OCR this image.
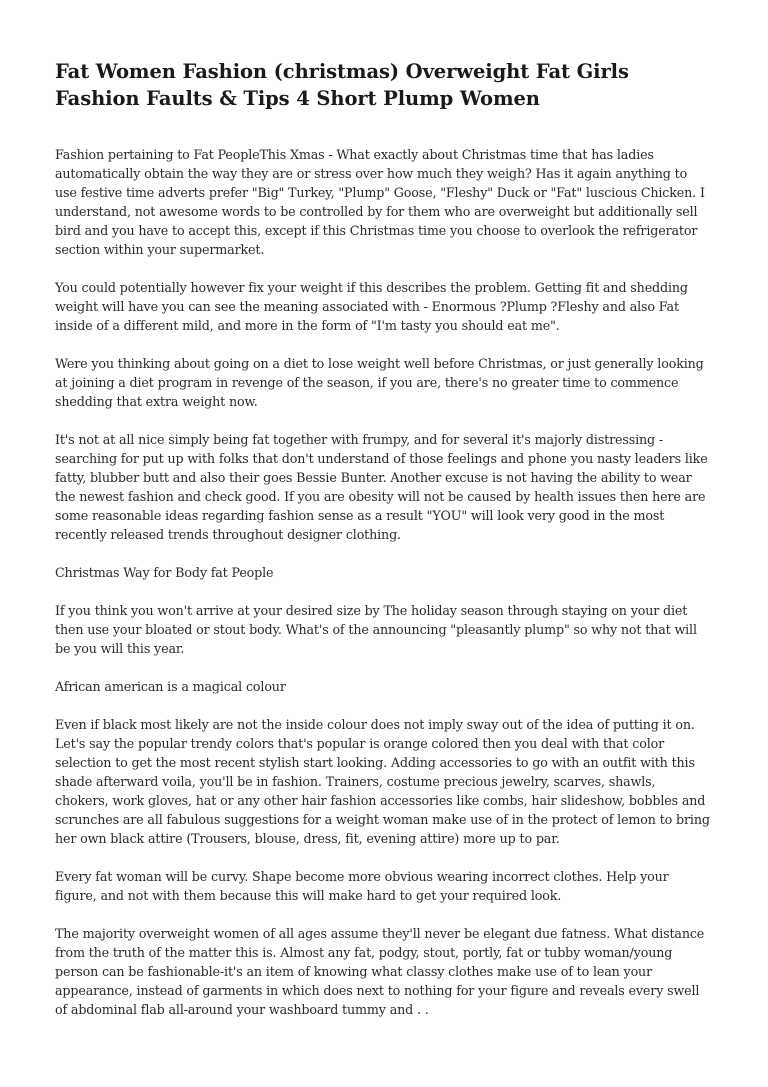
Fat Women Fashion (christmas) Overweight Fat Girls Fashion Faults & Tips 4 Short Plump Women

Fashion pertaining to Fat PeopleThis Xmas - What exactly about Christmas time that has ladies automatically obtain the way they are or stress over how much they weigh? Has it again anything to use festive time adverts prefer "Big" Turkey, "Plump" Goose, "Fleshy" Duck or "Fat" luscious Chicken. I understand, not awesome words to be controlled by for them who are overweight but additionally sell bird and you have to accept this, except if this Christmas time you choose to overlook the refrigerator section within your supermarket.

You could potentially however fix your weight if this describes the problem. Getting fit and shedding weight will have you can see the meaning associated with - Enormous ?Plump ?Fleshy and also Fat inside of a different mild, and more in the form of "I'm tasty you should eat me".

Were you thinking about going on a diet to lose weight well before Christmas, or just generally looking at joining a diet program in revenge of the season, if you are, there's no greater time to commence shedding that extra weight now.

It's not at all nice simply being fat together with frumpy, and for several it's majorly distressing - searching for put up with folks that don't understand of those feelings and phone you nasty leaders like fatty, blubber butt and also their goes Bessie Bunter. Another excuse is not having the ability to wear the newest fashion and check good. If you are obesity will not be caused by health issues then here are some reasonable ideas regarding fashion sense as a result "YOU" will look very good in the most recently released trends throughout designer clothing.

Christmas Way for Body fat People

If you think you won't arrive at your desired size by The holiday season through staying on your diet then use your bloated or stout body. What's of the announcing "pleasantly plump" so why not that will be you will this year.

African american is a magical colour

Even if black most likely are not the inside colour does not imply sway out of the idea of putting it on. Let's say the popular trendy colors that's popular is orange colored then you deal with that color selection to get the most recent stylish start looking. Adding accessories to go with an outfit with this shade afterward voila, you'll be in fashion. Trainers, costume precious jewelry, scarves, shawls, chokers, work gloves, hat or any other hair fashion accessories like combs, hair slideshow, bobbles and scrunches are all fabulous suggestions for a weight woman make use of in the protect of lemon to bring her own black attire (Trousers, blouse, dress, fit, evening attire) more up to par.

Every fat woman will be curvy. Shape become more obvious wearing incorrect clothes. Help your figure, and not with them because this will make hard to get your required look.

The majority overweight women of all ages assume they'll never be elegant due fatness. What distance from the truth of the matter this is. Almost any fat, podgy, stout, portly, fat or tubby woman/young person can be fashionable-it's an item of knowing what classy clothes make use of to lean your appearance, instead of garments in which does next to nothing for your figure and reveals every swell of abdominal flab all-around your washboard tummy and . .
